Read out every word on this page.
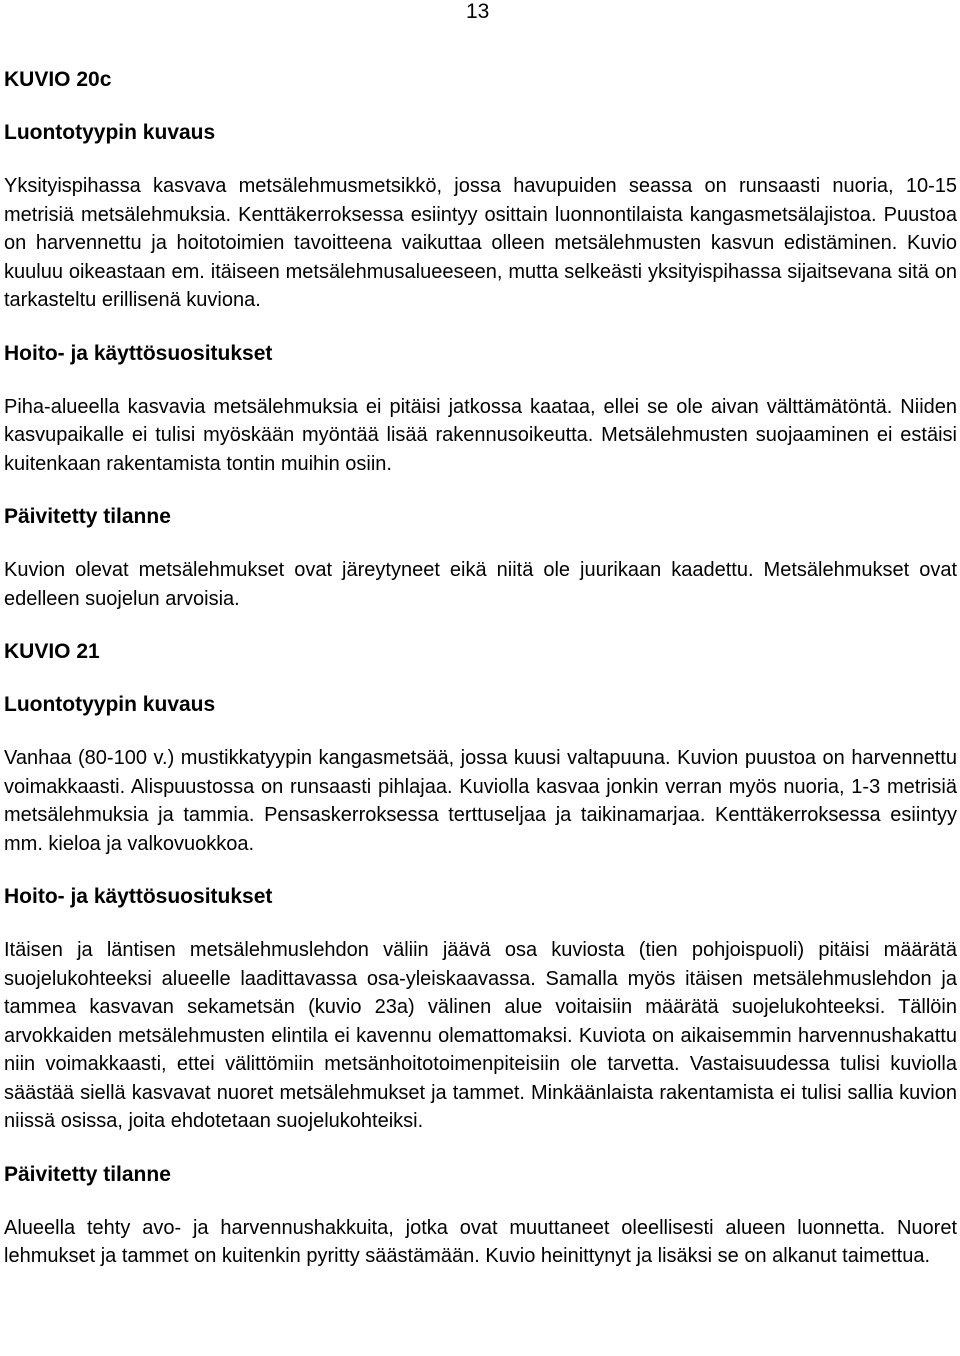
13
KUVIO 20c
Luontotyypin kuvaus

Yksityispihassa kasvava metsälehmusmetsikkö, jossa havupuiden seassa on runsaasti nuoria, 10-15 metrisiä metsälehmuksia. Kenttäkerroksessa esiintyy osittain luonnontilaista kangasmetsälajistoa. Puustoa on harvennettu ja hoitotoimien tavoitteena vaikuttaa olleen metsälehmusten kasvun edistäminen. Kuvio kuuluu oikeastaan em. itäiseen metsälehmusalueeseen, mutta selkeästi yksityispihassa sijaitsevana sitä on tarkasteltu erillisenä kuviona.

Hoito- ja käyttösuositukset

Piha-alueella kasvavia metsälehmuksia ei pitäisi jatkossa kaataa, ellei se ole aivan välttämätöntä. Niiden kasvupaikalle ei tulisi myöskään myöntää lisää rakennusoikeutta. Metsälehmusten suojaaminen ei estäisi kuitenkaan rakentamista tontin muihin osiin.

Päivitetty tilanne

Kuvion olevat metsälehmukset ovat järeytyneet eikä niitä ole juurikaan kaadettu. Metsälehmukset ovat edelleen suojelun arvoisia.

KUVIO 21
Luontotyypin kuvaus

Vanhaa (80-100 v.) mustikkatyypin kangasmetsää, jossa kuusi valtapuuna. Kuvion puustoa on harvennettu voimakkaasti. Alispuustossa on runsaasti pihlajaa. Kuviolla kasvaa jonkin verran myös nuoria, 1-3 metrisiä metsälehmuksia ja tammia. Pensaskerroksessa terttuseljaa ja taikinamarjaa. Kenttäkerroksessa esiintyy mm. kieloa ja valkovuokkoa.

Hoito- ja käyttösuositukset

Itäisen ja läntisen metsälehmuslehdon väliin jäävä osa kuviosta (tien pohjoispuoli) pitäisi määrätä suojelukohteeksi alueelle laadittavassa osa-yleiskaavassa. Samalla myös itäisen metsälehmuslehdon ja tammea kasvavan sekametsän (kuvio 23a) välinen alue voitaisiin määrätä suojelukohteeksi. Tällöin arvokkaiden metsälehmusten elintila ei kavennu olemattomaksi. Kuviota on aikaisemmin harvennushakattu niin voimakkaasti, ettei välittömiin metsänhoitotoimenpiteisiin ole tarvetta. Vastaisuudessa tulisi kuviolla säästää siellä kasvavat nuoret metsälehmukset ja tammet. Minkäänlaista rakentamista ei tulisi sallia kuvion niissä osissa, joita ehdotetaan suojelukohteiksi.

Päivitetty tilanne

Alueella tehty avo- ja harvennushakkuita, jotka ovat muuttaneet oleellisesti alueen luonnetta. Nuoret lehmukset ja tammet on kuitenkin pyritty säästämään. Kuvio heinittynyt ja lisäksi se on alkanut taimettua.
